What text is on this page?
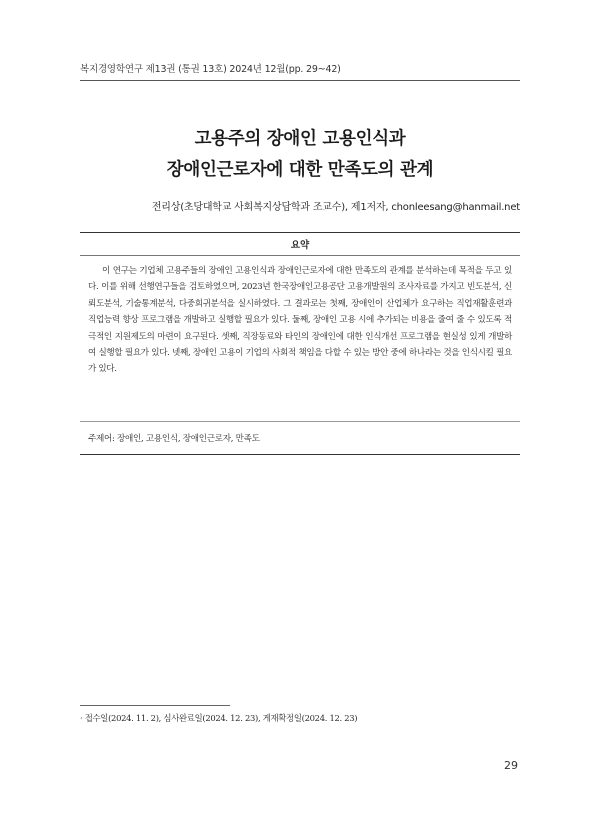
복지경영학연구 제13권 (통권 13호) 2024년 12월(pp. 29~42)
고용주의 장애인 고용인식과
장애인근로자에 대한 만족도의 관계
전리상(초당대학교 사회복지상담학과 조교수), 제1저자, chonleesang@hanmail.net
요약

이 연구는 기업체 고용주들의 장애인 고용인식과 장애인근로자에 대한 만족도의 관계를 분석하는데 목적을 두고 있다. 이를 위해 선행연구들을 검토하였으며, 2023년 한국장애인고용공단 고용개발원의 조사자료를 가지고 빈도분석, 신뢰도분석, 기술통계분석, 다중회귀분석을 실시하였다. 그 결과로는 첫째, 장애인이 산업체가 요구하는 직업재활훈련과 직업능력 향상 프로그램을 개발하고 실행할 필요가 있다. 둘째, 장애인 고용 시에 추가되는 비용을 줄여 줄 수 있도록 적극적인 지원제도의 마련이 요구된다. 셋째, 직장동료와 타인의 장애인에 대한 인식개선 프로그램을 현실성 있게 개발하여 실행할 필요가 있다. 넷째, 장애인 고용이 기업의 사회적 책임을 다할 수 있는 방안 중에 하나라는 것을 인식시킬 필요가 있다.

주제어: 장애인, 고용인식, 장애인근로자, 만족도
· 접수일(2024. 11. 2), 심사완료일(2024. 12. 23), 게재확정일(2024. 12. 23)
29
